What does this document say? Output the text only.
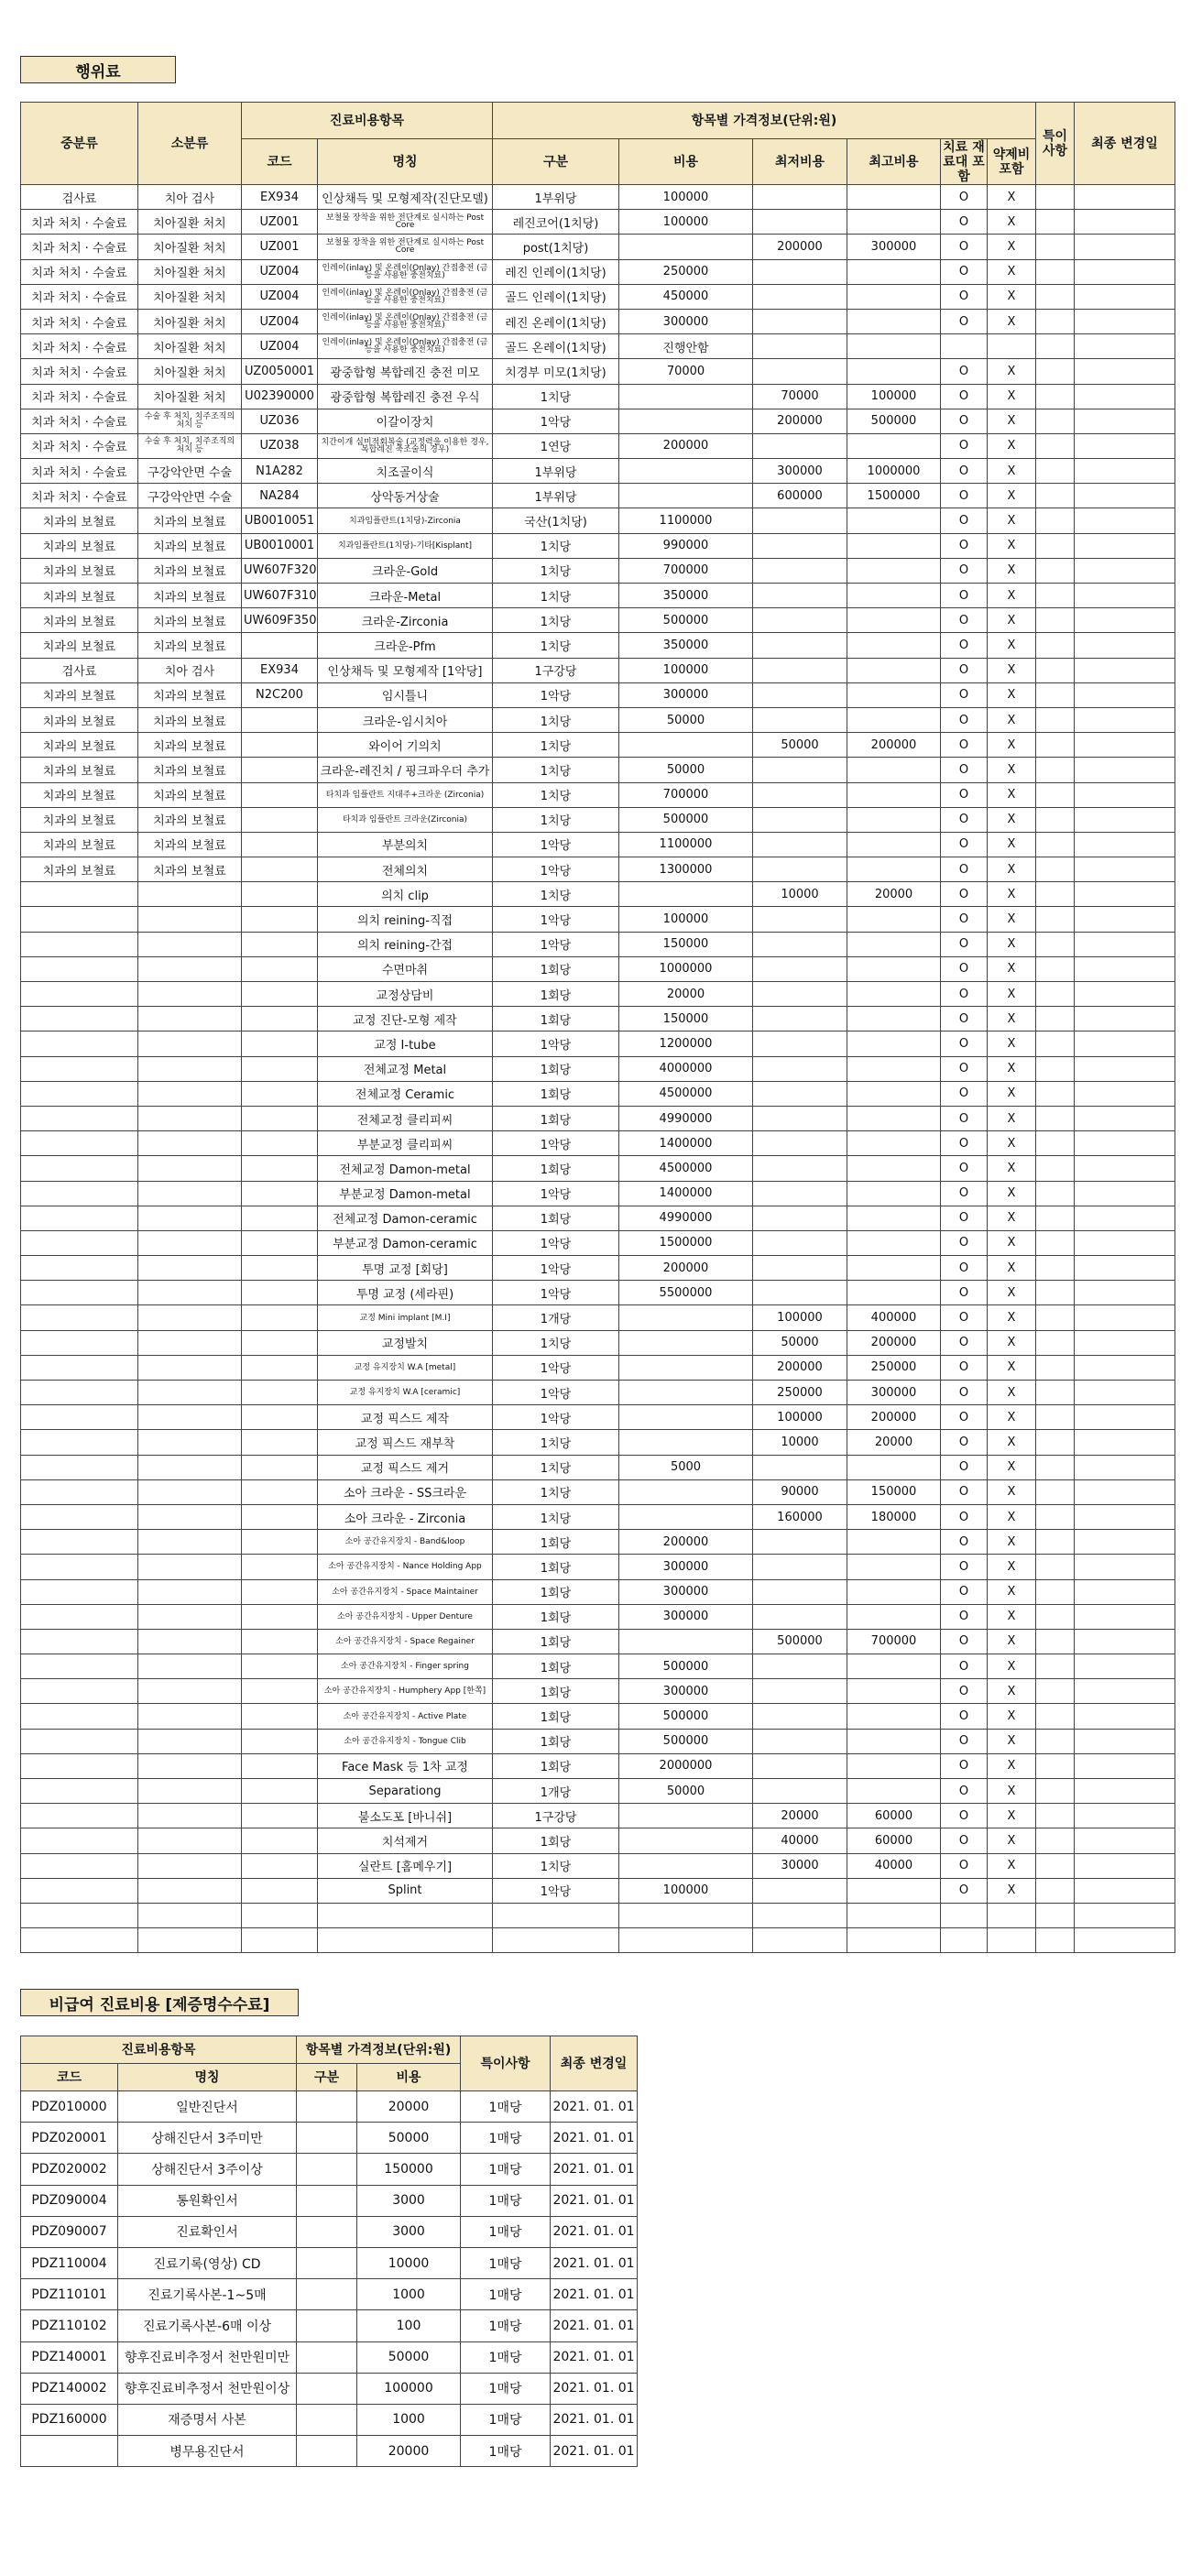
행위료
중분류	소분류	진료비용항목		항목별 가격정보(단위:원)						특이 사항	최종 변경일
		코드	명칭	구분	비용	최저비용	최고비용	치료 재료대 포함	약제비 포함		
검사료	치아 검사	EX934	인상채득 및 모형제작(진단모델)	1부위당	100000			O	X		
치과 처치 · 수술료	치아질환 처치	UZ001	보철물 장착을 위한 전단계로 실시하는 Post Core	레진코어(1치당)	100000			O	X		
치과 처치 · 수술료	치아질환 처치	UZ001	보철물 장착을 위한 전단계로 실시하는 Post Core	post(1치당)		200000	300000	O	X		
치과 처치 · 수술료	치아질환 처치	UZ004	인레이(inlay) 및 온레이(Onlay) 간접충전 (금 등을 사용한 충전치료)	레진 인레이(1치당)	250000			O	X		
치과 처치 · 수술료	치아질환 처치	UZ004	인레이(inlay) 및 온레이(Onlay) 간접충전 (금 등을 사용한 충전치료)	골드 인레이(1치당)	450000			O	X		
치과 처치 · 수술료	치아질환 처치	UZ004	인레이(inlay) 및 온레이(Onlay) 간접충전 (금 등을 사용한 충전치료)	레진 온레이(1치당)	300000			O	X		
치과 처치 · 수술료	치아질환 처치	UZ004	인레이(inlay) 및 온레이(Onlay) 간접충전 (금 등을 사용한 충전치료)	골드 온레이(1치당)	진행안함						
치과 처치 · 수술료	치아질환 처치	UZ0050001	광중합형 복합레진 충전 미모	치경부 미모(1치당)	70000			O	X		
치과 처치 · 수술료	치아질환 처치	U02390000	광중합형 복합레진 충전 우식	1치당		70000	100000	O	X		
치과 처치 · 수술료	수술 후 처치, 치주조직의 처치 등	UZ036	이갈이장치	1악당		200000	500000	O	X		
치과 처치 · 수술료	수술 후 처치, 치주조직의 처치 등	UZ038	치간이개 심미적회복술 (교정력을 이용한 경우, 복합레진 축조술의 경우)	1연당	200000			O	X		
치과 처치 · 수술료	구강악안면 수술	N1A282	치조골이식	1부위당		300000	1000000	O	X		
치과 처치 · 수술료	구강악안면 수술	NA284	상악동거상술	1부위당		600000	1500000	O	X		
치과의 보철료	치과의 보철료	UB0010051	치과임플란트(1치당)-Zirconia	국산(1치당)	1100000			O	X		
치과의 보철료	치과의 보철료	UB0010001	치과임플란트(1치당)-기타[Kisplant]	1치당	990000			O	X		
치과의 보철료	치과의 보철료	UW607F320	크라운-Gold	1치당	700000			O	X		
치과의 보철료	치과의 보철료	UW607F310	크라운-Metal	1치당	350000			O	X		
치과의 보철료	치과의 보철료	UW609F350	크라운-Zirconia	1치당	500000			O	X		
치과의 보철료	치과의 보철료		크라운-Pfm	1치당	350000			O	X		
검사료	치아 검사	EX934	인상채득 및 모형제작 [1악당]	1구강당	100000			O	X		
치과의 보철료	치과의 보철료	N2C200	임시틀니	1악당	300000			O	X		
치과의 보철료	치과의 보철료		크라운-임시치아	1치당	50000			O	X		
치과의 보철료	치과의 보철료		와이어 기의치	1치당		50000	200000	O	X		
치과의 보철료	치과의 보철료		크라운-레진치 / 핑크파우더 추가	1치당	50000			O	X		
치과의 보철료	치과의 보철료		타치과 임플란트 지대주+크라운 (Zirconia)	1치당	700000			O	X		
치과의 보철료	치과의 보철료		타치과 임플란트 크라운(Zirconia)	1치당	500000			O	X		
치과의 보철료	치과의 보철료		부분의치	1악당	1100000			O	X		
치과의 보철료	치과의 보철료		전체의치	1악당	1300000			O	X		
			의치 clip	1치당		10000	20000	O	X		
			의치 reining-직접	1악당	100000			O	X		
			의치 reining-간접	1악당	150000			O	X		
			수면마취	1회당	1000000			O	X		
			교정상담비	1회당	20000			O	X		
			교정 진단-모형 제작	1회당	150000			O	X		
			교정 I-tube	1악당	1200000			O	X		
			전체교정 Metal	1회당	4000000			O	X		
			전체교정 Ceramic	1회당	4500000			O	X		
			전체교정 클리피씨	1회당	4990000			O	X		
			부분교정 클리피씨	1악당	1400000			O	X		
			전체교정 Damon-metal	1회당	4500000			O	X		
			부분교정 Damon-metal	1악당	1400000			O	X		
			전체교정 Damon-ceramic	1회당	4990000			O	X		
			부분교정 Damon-ceramic	1악당	1500000			O	X		
			투명 교정 [회당]	1악당	200000			O	X		
			투명 교정 (세라핀)	1악당	5500000			O	X		
			교정 Mini implant [M.I]	1개당		100000	400000	O	X		
			교정발치	1치당		50000	200000	O	X		
			교정 유지장치 W.A [metal]	1악당		200000	250000	O	X		
			교정 유지장치 W.A [ceramic]	1악당		250000	300000	O	X		
			교정 픽스드 제작	1악당		100000	200000	O	X		
			교정 픽스드 재부착	1치당		10000	20000	O	X		
			교정 픽스드 제거	1치당	5000			O	X		
			소아 크라운 - SS크라운	1치당		90000	150000	O	X		
			소아 크라운 - Zirconia	1치당		160000	180000	O	X		
			소아 공간유지장치 - Band&loop	1회당	200000			O	X		
			소아 공간유지장치 - Nance Holding App	1회당	300000			O	X		
			소아 공간유지장치 - Space Maintainer	1회당	300000			O	X		
			소아 공간유지장치 - Upper Denture	1회당	300000			O	X		
			소아 공간유지장치 - Space Regainer	1회당		500000	700000	O	X		
			소아 공간유지장치 - Finger spring	1회당	500000			O	X		
			소아 공간유지장치 - Humphery App [한쪽]	1회당	300000			O	X		
			소아 공간유지장치 - Active Plate	1회당	500000			O	X		
			소아 공간유지장치 - Tongue Clib	1회당	500000			O	X		
			Face Mask 등 1차 교정	1회당	2000000			O	X		
			Separationg	1개당	50000			O	X		
			불소도포 [바니쉬]	1구강당		20000	60000	O	X		
			치석제거	1회당		40000	60000	O	X		
			실란트 [홈메우기]	1치당		30000	40000	O	X		
			Splint	1악당	100000			O	X		

비급여 진료비용 [제증명수수료]
진료비용항목		항목별 가격정보(단위:원)		특이사항	최종 변경일
코드	명칭	구분	비용		
PDZ010000	일반진단서		20000	1매당	2021. 01. 01
PDZ020001	상해진단서 3주미만		50000	1매당	2021. 01. 01
PDZ020002	상해진단서 3주이상		150000	1매당	2021. 01. 01
PDZ090004	통원확인서		3000	1매당	2021. 01. 01
PDZ090007	진료확인서		3000	1매당	2021. 01. 01
PDZ110004	진료기록(영상) CD		10000	1매당	2021. 01. 01
PDZ110101	진료기록사본-1~5매		1000	1매당	2021. 01. 01
PDZ110102	진료기록사본-6매 이상		100	1매당	2021. 01. 01
PDZ140001	향후진료비추정서 천만원미만		50000	1매당	2021. 01. 01
PDZ140002	향후진료비추정서 천만원이상		100000	1매당	2021. 01. 01
PDZ160000	재증명서 사본		1000	1매당	2021. 01. 01
	병무용진단서		20000	1매당	2021. 01. 01
